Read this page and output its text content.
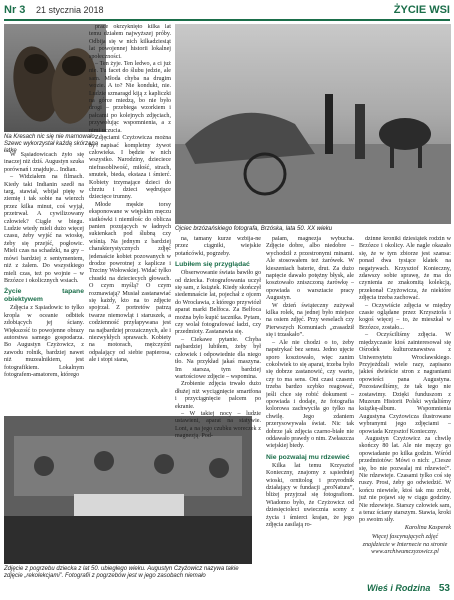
Nr 3 21 stycznia 2018	ŻYCIE WSI
Na Kresach nic się nie marnowało. Szewc wykorzystał każdą skórzaną łatkę
Ojciec brzózańskiego fotografa, Brzóska, lata 50. XX wieku
Zdjęcie z pogrzebu dziecka z lat 50. ubiegłego wieku. Augustyn Czyżowicz nazywa takie zdjęcie „rekolekcjami”. Fotografii z pogrzebów jest w jego zasobach niemało

W Sąsiadowicach żyło się inaczej niż dziś. Augustyn szuka porównań i znajduje... Indian.

– Widziałem na filmach. Kiedy taki Indianin szedł na targ, stawiał, wbijał piętę w ziemię i tak sobie na wierzch przez kilka minut, coś wyjął, przetrwał. A cywilizowany człowiek? Ciągle w biegu. Ludzie wtedy mieli dużo więcej czasu, żeby wyjść na wioskę, żeby się przejść, pogłowic. Mieli czas na schadzki, na gry – mówi bardziej z sentymentem, niż z żalem. Do wszystkiego mieli czas, też po wojnie – w Brzózce i okolicznych wsiach.

Życie tapane obiektywem

Zdjęcia z Sąsiadowic to tylko kropla w oceanie odbitek zdobiących jej ściany. Większość to powojenne obrazy autorstwa samego gospodarza. Bo Augustyn Czyżowicz, z zawodu rolnik, bardziej nawet niż muzealnikiem, jest fotografikiem. Lokalnym fotografem-amatorem, którego

prace okrzyknięto kilka lat temu działem najwyższej próby. Odbija się w nich kilkadziesiąt lat powojennej historii lokalnej społeczności.

– Ten żyje. Ten ledwo, a ci już nie. Tu facet do ślubu jedzie, ale sam. Młoda chyba na drugim wozie. A to? Nie kondukt, nie. Ludzie szmaragd kiją z kapliczki na górce miedzą, bo nie było drogi – przebiega wzorkiem i pałcami po kolejnych zdjęciach, przywołując wspomnienia, a z nimi uczucia.

Zdjęciami Czyżowicza można by napisać kompletny żywot człowieka. I będzie w nich wszystko. Narodziny, dzieciece niefrasobliwość, miłość, strach, smutek, bieda, ekstaza i śmierć. Kobiety trzymające dzieci do chrztu i dzieci wędrujące dziecięce trumny.

Młode męskie torsy eksponowane w więjskim męczu siatkówki i niemiłośc do oblicza panien pozujących w ładnych sukienkach pod ślubną czy wiśnią. Na jednym z bardziej charakterystycznych zdjęć jedenaście kobiet pozowanych w drodze powrotnej z kaplicze i Trzciny Wołowskiej. Widać tylko chustki na dzieciecych głowach. O czym myślą? O czym rozmawiają? Musiał zastanawiać się każdy, kto na to zdjęcie spojrzał. Z portretów patrzą twarze niemowląt i staruszek, a codzienność przyłapywana jest na najbardziej prozaicznych, ale i niezwykłych sprawach. Kobiety na motorach, mężczyźni odpalający od siebie papierosa, ale i stopi siana,

na, tamany kurze wzbija-ne przez ciągniki, wiejskie potańcówki, pogrzeby.

Lubiłem się przyglądać

Obserwowanie świata bawiło go od dziecka. Fotografowania uczył się sam, z książek. Kiedy skończył siedemnaście lat, pojechał z ojcem do Wrocławia, z którego przywiózł aparat marki Belfoca. Za Belfoca można było kupić tacznika. Pytam, czy wolał fotografować ładzi, czy przedmioty. Zastanawia się.

– Ciekawe pytanie. Chyba najbardziej lubiłem, żeby był człowiek i odpowiednie dla niego tło. Na przykład jakaś maszyna. Im starsza, tym bardziej wartościowe zdjęcie – wspomina.

Zrobienie zdjęcia trwało dużo dłużej niż wyciągnięcie smartfona i przyciągnięcie palcem po ekranie.

– W takiej nocy – ludzie ustawieni, aparat na statywie. Lont, a na jego czubku woreczek z magnezją. Pod-

palam, magnezja wybucha. Zdjęcie dobre, albo niedobre – wychodził z przestronymi minami. Ale stosowałem też żarówek. W kieszeniach baterie, drut. Za dużo napięcie dawało potężny błysk, ale kosztowało zniszczoną żarówkę – opowiada o warsztacie pracy Augustyn.

W dzień świąteczny zużywał kilka rolek, na jednej było miejsce na osiem zdjęć. Przy weselach czy Pierwszych Komuniach „zrasadził się i trzaskało”.

– Ale nie chodzi o to, żeby napstrykać bez sensu. Jedno ujęcie sporo kosztowało, więc zanim cokolwiek to się aparat, trzeba było się dobrze zastanowić, czy warto, czy to ma sens. Oni czasi czasem trzeba bardzo szybko reagować, jeśli chce się robić dokument – opowiada i dodaje, że fotografia kolorowa zachwyciła go tylko na chwilę. Jego zdaniem przerysowywała świat. Nic tak dobrze jak zdjęcia czarno-białe nie oddawało prawdy o nim. Zwłaszcza wiejskiej biedy.

Nie pozwalaj mu rdzewieć

Kilka lat temu Krzysztof Konieczny, znajomy z sąsiedniej wioski, ornitolog i przyrodnik działający w fundacji „proNatura”, bliżej przyjrzał się fotografiom. Wiadomo było, że Czyżowicz od dziesięcioleci uwiecznia sceny z życia i śmierci krajan, że jego zdjęcia zasilają ro-

dzinne kroniki dziesiątek rodzin w Brzózce i okolicy. Ale nagle okazało się, że w tym zbiorze jest szansa: ponad dwa tysiące klatek na negatywach. Krzysztof Konieczny, zdawszy sobie sprawę, że ma do czynienia ze znakomitą kolekcją, przekonał Czyżowicza, że niektóre zdjęcia trzeba zachować.

– Oczywiście zdjęcia w między czasie oglądane przez Krzysztofa i kogoś więcej – to, że mieszkał w Brzózce, zostało...

– Oczyściliśmy zdjęcia. W międzyczasie ktoś zainteresował się Ośrodek kulturoznawstwa z Uniwersytetu Wrocławskiego. Przyjeżdżali wiele razy, zapisano jakieś dwieście stron z nagraniami opowieści pana Augustyna. Pozostawiliśmy, że tak tego nie zostawimy. Dzięki funduszom z Muzeum Historii Polski wydaliśmy książkę-album. Wspomnienia Augustyna Czyżowicza ilustrowane wybranymi jego zdjęciami – opowiada Krzysztof Konieczny.

Augustyn Czyżowicz za chwilę skończy 80 lat. Ale nie męczy go opowiadanie po kilka godzin. Wśród przedmiotów: Mówi o nich: „Ciesze się, bo nie pozwalaj mi rdzewieć”. Nie rdzewieje. Czasami tylko coś się ruszy. Prosi, żeby go odwiedzić. W końcu niewiele, ktoś tak mu zrobi, już nie pojawi się w ciągu godziny. Nie rdzewieje. Starszy człowiek sam, a teraz ściany starszym. Stawia, kroki po swoim siły.

Karolina Kasperek

Więcej fascynujących zdjęć znajdziecie w Internecie na stronie

www.archiwumczyzowicz.pl

Wieś i Rodzina 53
